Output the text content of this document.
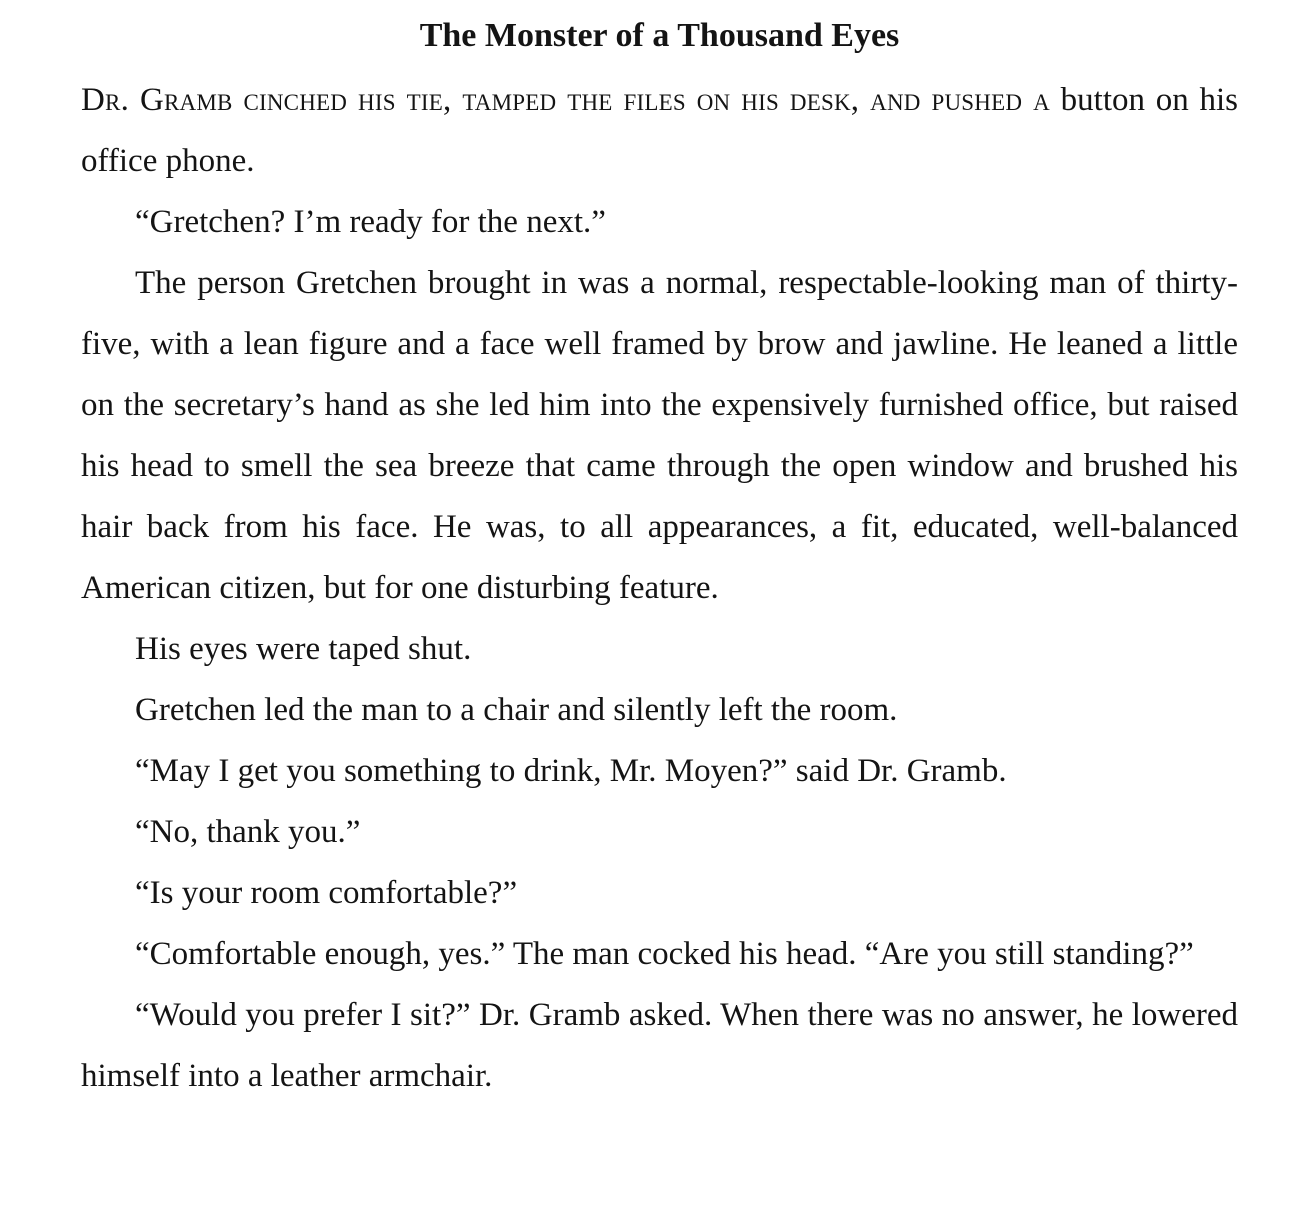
The Monster of a Thousand Eyes

Dr. Gramb cinched his tie, tamped the files on his desk, and pushed a button on his office phone.

“Gretchen? I’m ready for the next.”

The person Gretchen brought in was a normal, respectable-looking man of thirty-five, with a lean figure and a face well framed by brow and jawline. He leaned a little on the secretary’s hand as she led him into the expensively furnished office, but raised his head to smell the sea breeze that came through the open window and brushed his hair back from his face. He was, to all appearances, a fit, educated, well-balanced American citizen, but for one disturbing feature.

His eyes were taped shut.

Gretchen led the man to a chair and silently left the room.

“May I get you something to drink, Mr. Moyen?” said Dr. Gramb.

“No, thank you.”

“Is your room comfortable?”

“Comfortable enough, yes.” The man cocked his head. “Are you still standing?”

“Would you prefer I sit?” Dr. Gramb asked. When there was no answer, he lowered himself into a leather armchair.
